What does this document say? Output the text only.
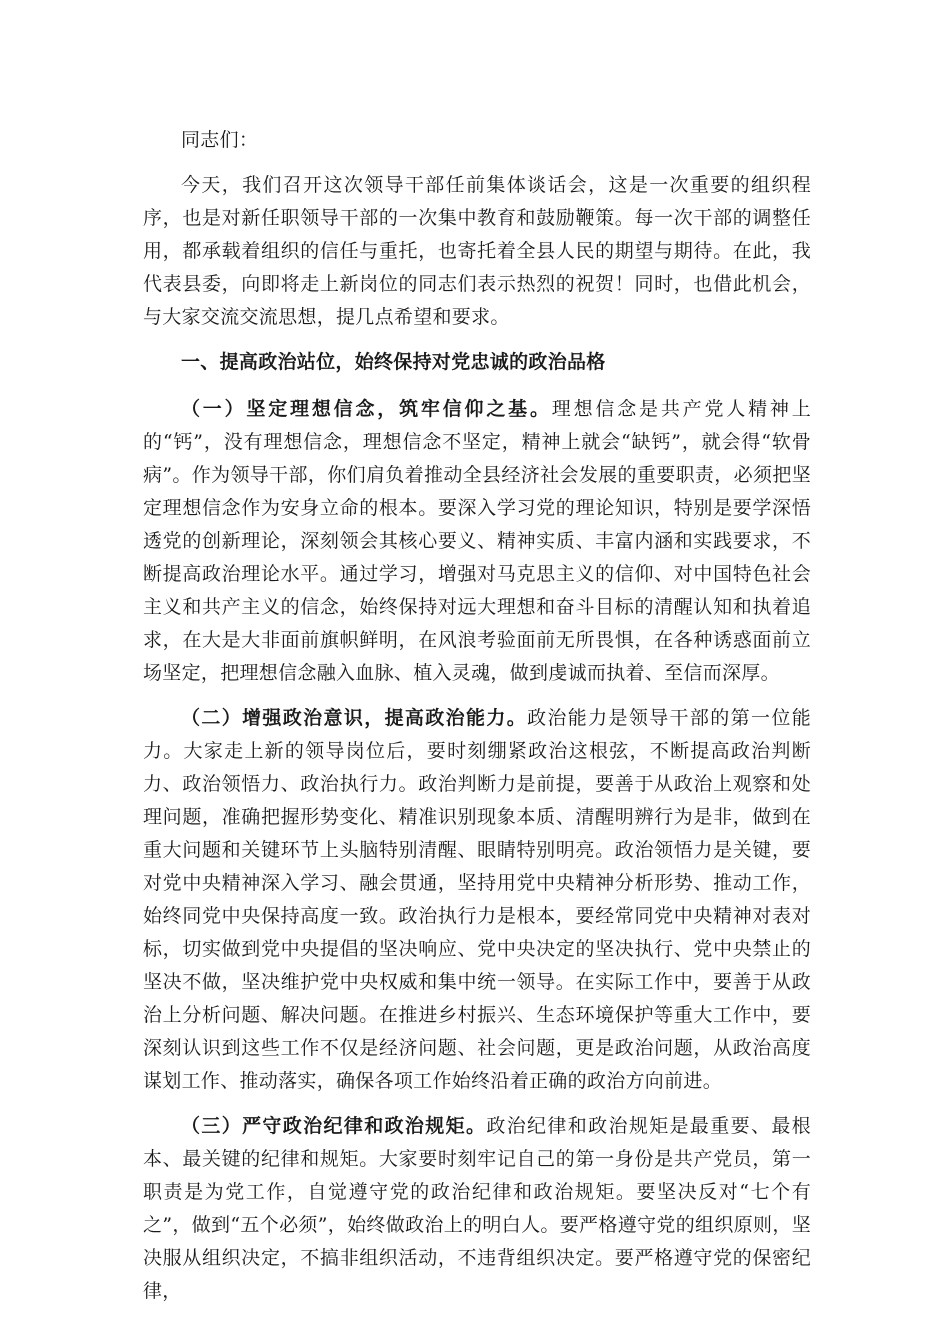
同志们：

今天，我们召开这次领导干部任前集体谈话会，这是一次重要的组织程序，也是对新任职领导干部的一次集中教育和鼓励鞭策。每一次干部的调整任用，都承载着组织的信任与重托，也寄托着全县人民的期望与期待。在此，我代表县委，向即将走上新岗位的同志们表示热烈的祝贺！同时，也借此机会，与大家交流交流思想，提几点希望和要求。

一、提高政治站位，始终保持对党忠诚的政治品格

（一）坚定理想信念，筑牢信仰之基。理想信念是共产党人精神上的“钙”，没有理想信念，理想信念不坚定，精神上就会“缺钙”，就会得“软骨病”。作为领导干部，你们肩负着推动全县经济社会发展的重要职责，必须把坚定理想信念作为安身立命的根本。要深入学习党的理论知识，特别是要学深悟透党的创新理论，深刻领会其核心要义、精神实质、丰富内涵和实践要求，不断提高政治理论水平。通过学习，增强对马克思主义的信仰、对中国特色社会主义和共产主义的信念，始终保持对远大理想和奋斗目标的清醒认知和执着追求，在大是大非面前旗帜鲜明，在风浪考验面前无所畏惧，在各种诱惑面前立场坚定，把理想信念融入血脉、植入灵魂，做到虔诚而执着、至信而深厚。

（二）增强政治意识，提高政治能力。政治能力是领导干部的第一位能力。大家走上新的领导岗位后，要时刻绷紧政治这根弦，不断提高政治判断力、政治领悟力、政治执行力。政治判断力是前提，要善于从政治上观察和处理问题，准确把握形势变化、精准识别现象本质、清醒明辨行为是非，做到在重大问题和关键环节上头脑特别清醒、眼睛特别明亮。政治领悟力是关键，要对党中央精神深入学习、融会贯通，坚持用党中央精神分析形势、推动工作，始终同党中央保持高度一致。政治执行力是根本，要经常同党中央精神对表对标，切实做到党中央提倡的坚决响应、党中央决定的坚决执行、党中央禁止的坚决不做，坚决维护党中央权威和集中统一领导。在实际工作中，要善于从政治上分析问题、解决问题。在推进乡村振兴、生态环境保护等重大工作中，要深刻认识到这些工作不仅是经济问题、社会问题，更是政治问题，从政治高度谋划工作、推动落实，确保各项工作始终沿着正确的政治方向前进。

（三）严守政治纪律和政治规矩。政治纪律和政治规矩是最重要、最根本、最关键的纪律和规矩。大家要时刻牢记自己的第一身份是共产党员，第一职责是为党工作，自觉遵守党的政治纪律和政治规矩。要坚决反对“七个有之”，做到“五个必须”，始终做政治上的明白人。要严格遵守党的组织原则，坚决服从组织决定，不搞非组织活动，不违背组织决定。要严格遵守党的保密纪律，
